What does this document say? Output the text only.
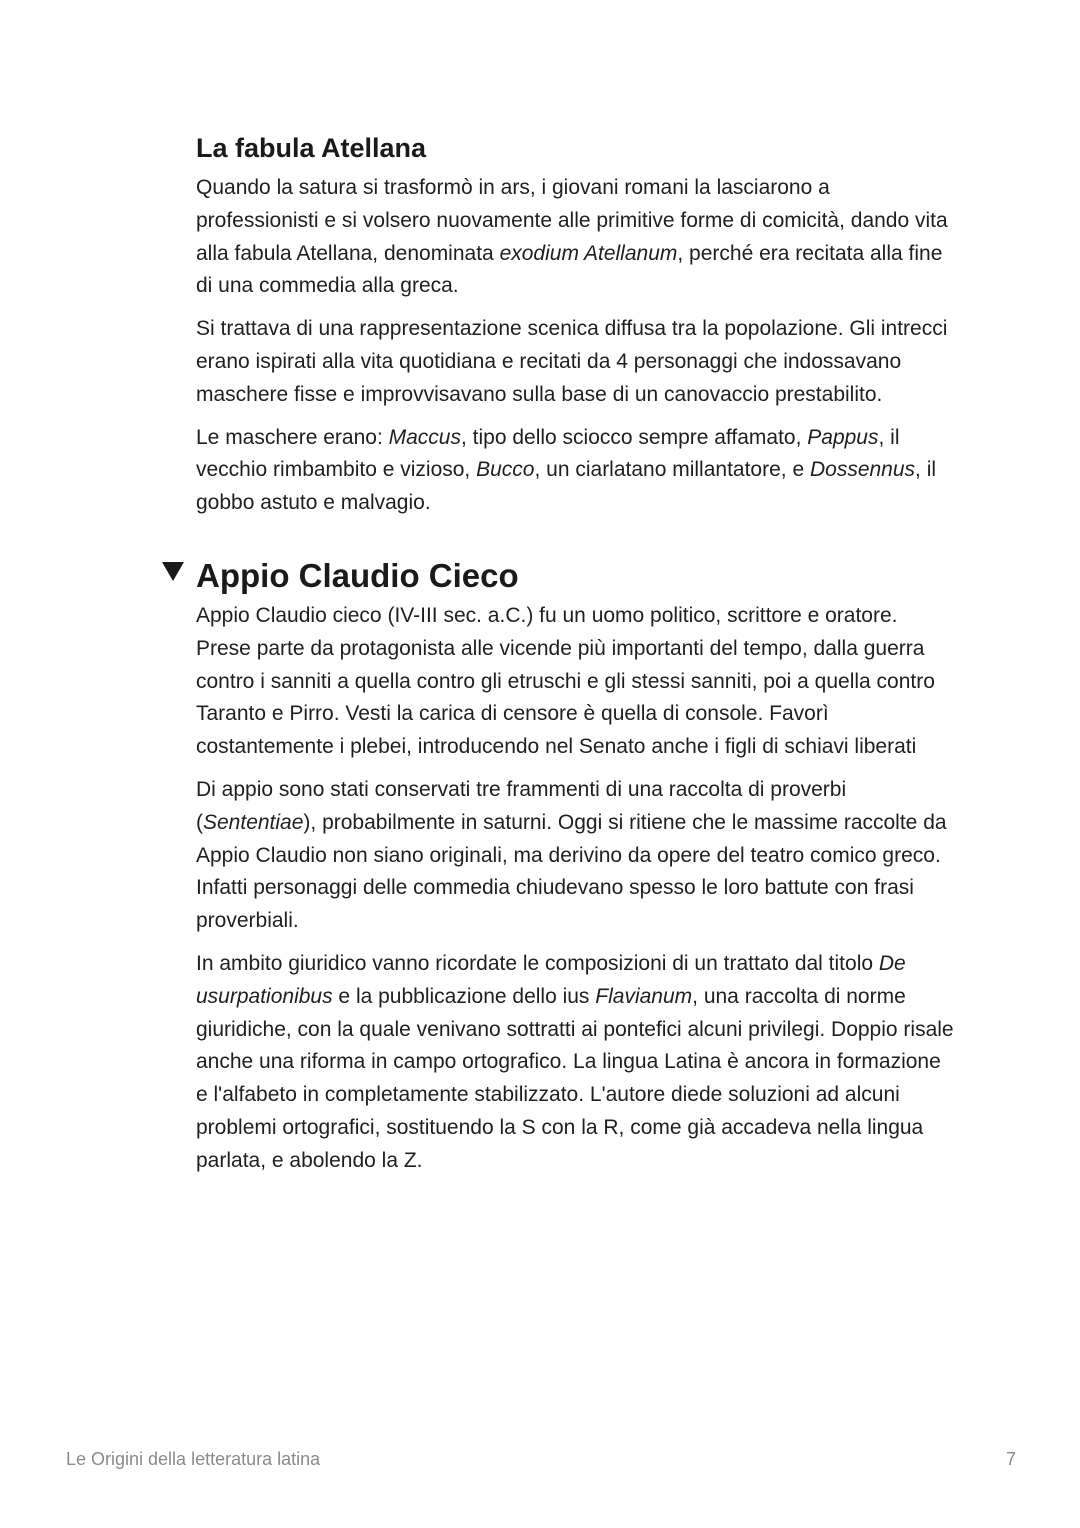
La fabula Atellana

Quando la satura si trasformò in ars, i giovani romani la lasciarono a professionisti e si volsero nuovamente alle primitive forme di comicità, dando vita alla fabula Atellana, denominata exodium Atellanum, perché era recitata alla fine di una commedia alla greca.

Si trattava di una rappresentazione scenica diffusa tra la popolazione. Gli intrecci erano ispirati alla vita quotidiana e recitati da 4 personaggi che indossavano maschere fisse e improvvisavano sulla base di un canovaccio prestabilito.

Le maschere erano: Maccus, tipo dello sciocco sempre affamato, Pappus, il vecchio rimbambito e vizioso, Bucco, un ciarlatano millantatore, e Dossennus, il gobbo astuto e malvagio.

Appio Claudio Cieco

Appio Claudio cieco (IV-III sec. a.C.) fu un uomo politico, scrittore e oratore. Prese parte da protagonista alle vicende più importanti del tempo, dalla guerra contro i sanniti a quella contro gli etruschi e gli stessi sanniti, poi a quella contro Taranto e Pirro. Vesti la carica di censore è quella di console. Favorì costantemente i plebei, introducendo nel Senato anche i figli di schiavi liberati

Di appio sono stati conservati tre frammenti di una raccolta di proverbi (Sententiae), probabilmente in saturni. Oggi si ritiene che le massime raccolte da Appio Claudio non siano originali, ma derivino da opere del teatro comico greco. Infatti personaggi delle commedia chiudevano spesso le loro battute con frasi proverbiali.

In ambito giuridico vanno ricordate le composizioni di un trattato dal titolo De usurpationibus e la pubblicazione dello ius Flavianum, una raccolta di norme giuridiche, con la quale venivano sottratti ai pontefici alcuni privilegi. Doppio risale anche una riforma in campo ortografico. La lingua Latina è ancora in formazione e l'alfabeto in completamente stabilizzato. L'autore diede soluzioni ad alcuni problemi ortografici, sostituendo la S con la R, come già accadeva nella lingua parlata, e abolendo la Z.

Le Origini della letteratura latina	7
